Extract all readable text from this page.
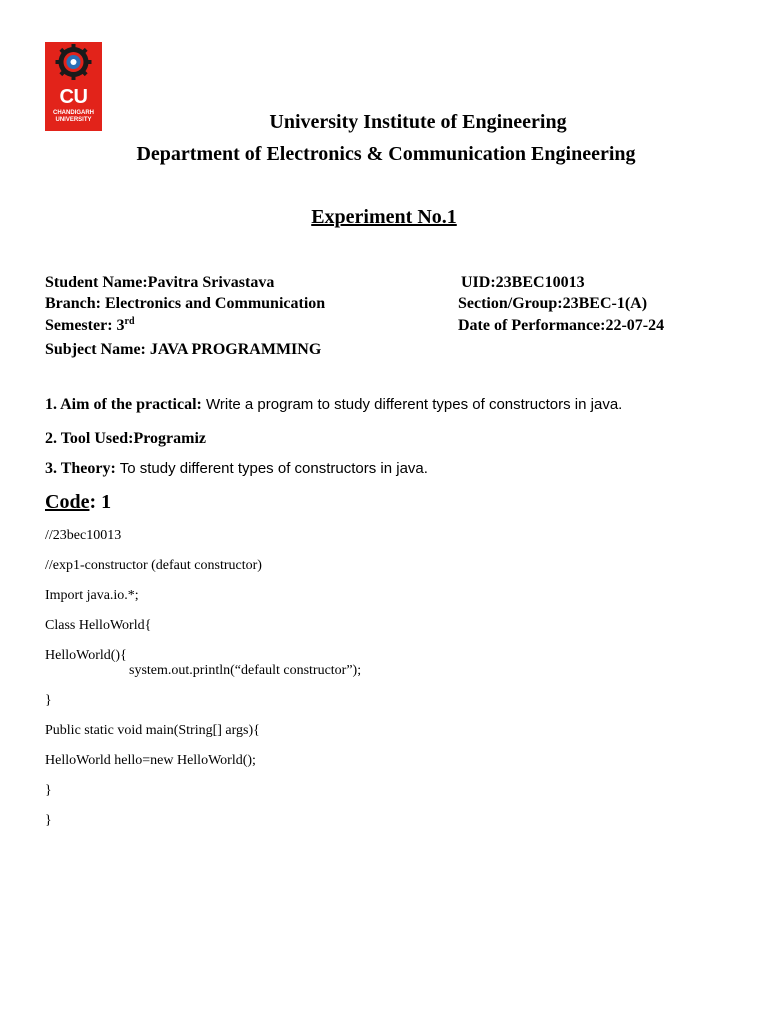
CU
CHANDIGARH
UNIVERSITY	University Institute of Engineering
Department of Electronics & Communication Engineering
Experiment No.1
Student Name:Pavitra Srivastava	UID:23BEC10013
Branch: Electronics and Communication	Section/Group:23BEC-1(A)
Semester: 3rd	Date of Performance:22-07-24
Subject Name: JAVA PROGRAMMING
1. Aim of the practical: Write a program to study different types of constructors in java.
2. Tool Used:Programiz
3. Theory: To study different types of constructors in java.
Code: 1
//23bec10013
//exp1-constructor (defaut constructor)
Import java.io.*;
Class HelloWorld{
HelloWorld(){
system.out.println(“default constructor”);
}
Public static void main(String[] args){
HelloWorld hello=new HelloWorld();
}
}
